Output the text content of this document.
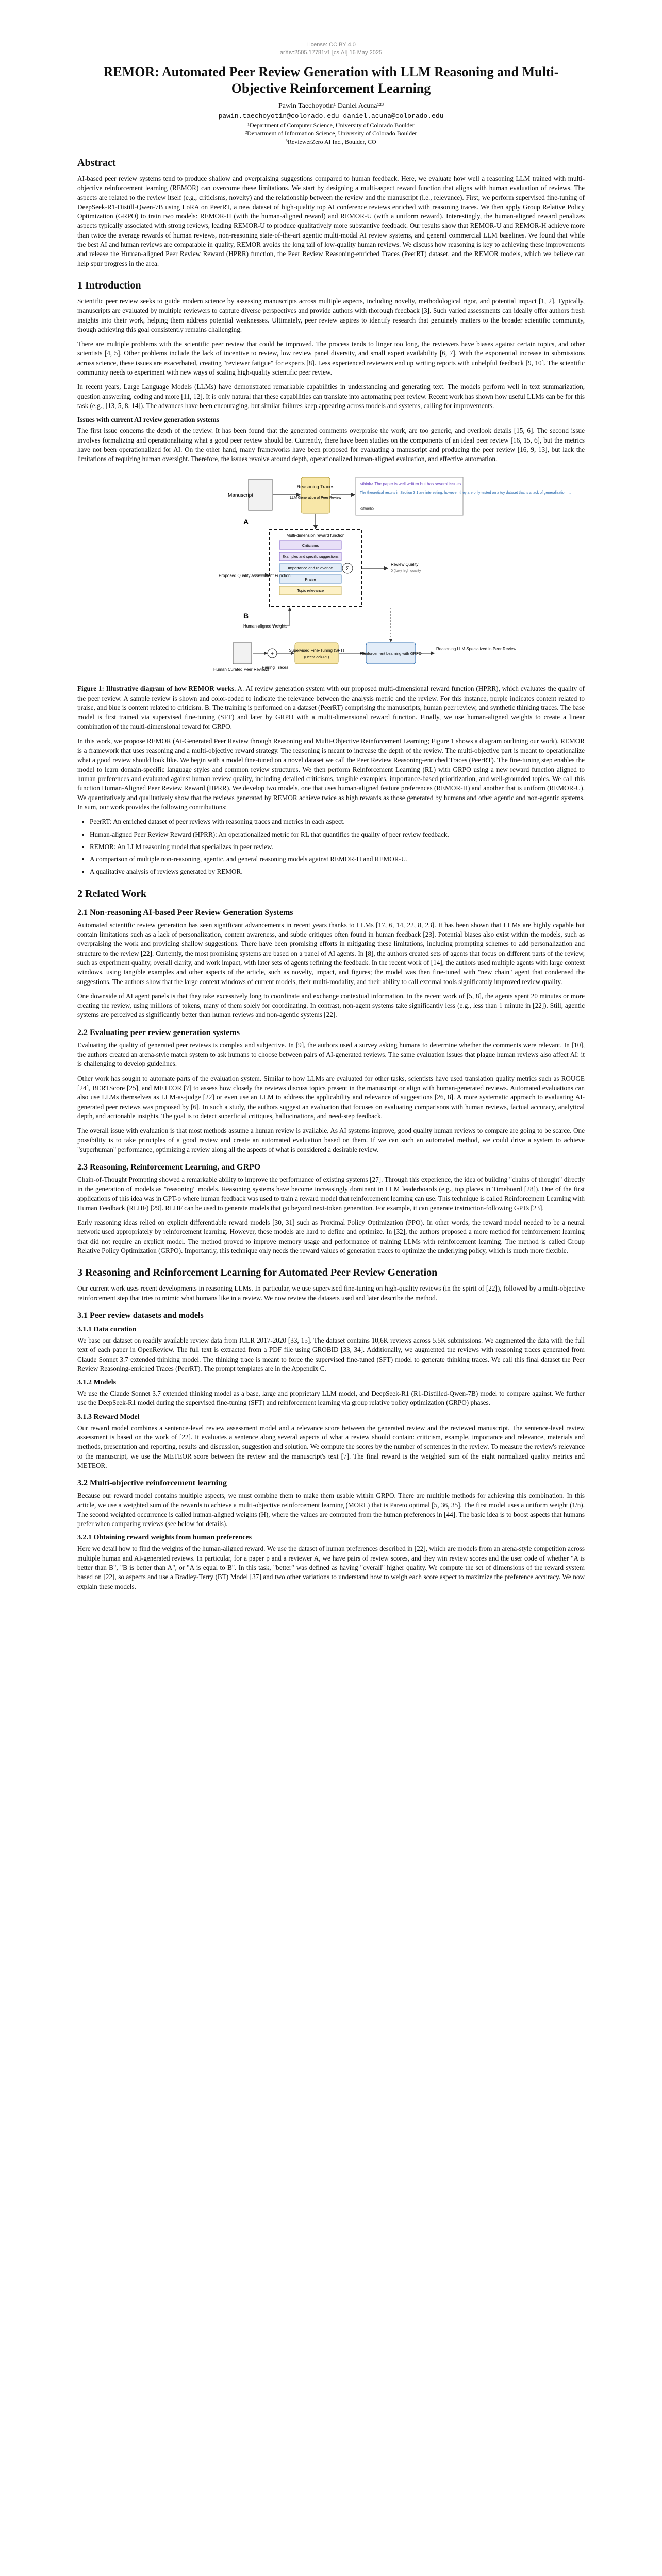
License: CC BY 4.0
arXiv:2505.17781v1 [cs.AI] 16 May 2025
REMOR: Automated Peer Review Generation with LLM Reasoning and Multi-Objective Reinforcement Learning
Pawin Taechoyotin¹ Daniel Acuna¹²³
pawin.taechoyotin@colorado.edu daniel.acuna@colorado.edu
¹Department of Computer Science, University of Colorado Boulder
²Department of Information Science, University of Colorado Boulder
³ReviewerZero AI Inc., Boulder, CO
Abstract

AI-based peer review systems tend to produce shallow and overpraising suggestions compared to human feedback. Here, we evaluate how well a reasoning LLM trained with multi-objective reinforcement learning (REMOR) can overcome these limitations. We start by designing a multi-aspect reward function that aligns with human evaluation of reviews. The aspects are related to the review itself (e.g., criticisms, novelty) and the relationship between the review and the manuscript (i.e., relevance). First, we perform supervised fine-tuning of DeepSeek-R1-Distill-Qwen-7B using LoRA on PeerRT, a new dataset of high-quality top AI conference reviews enriched with reasoning traces. We then apply Group Relative Policy Optimization (GRPO) to train two models: REMOR-H (with the human-aligned reward) and REMOR-U (with a uniform reward). Interestingly, the human-aligned reward penalizes aspects typically associated with strong reviews, leading REMOR-U to produce qualitatively more substantive feedback. Our results show that REMOR-U and REMOR-H achieve more than twice the average rewards of human reviews, non-reasoning state-of-the-art agentic multi-modal AI review systems, and general commercial LLM baselines. We found that while the best AI and human reviews are comparable in quality, REMOR avoids the long tail of low-quality human reviews. We discuss how reasoning is key to achieving these improvements and release the Human-aligned Peer Review Reward (HPRR) function, the Peer Review Reasoning-enriched Traces (PeerRT) dataset, and the REMOR models, which we believe can help spur progress in the area.

1 Introduction

Scientific peer review seeks to guide modern science by assessing manuscripts across multiple aspects, including novelty, methodological rigor, and potential impact [1, 2]. Typically, manuscripts are evaluated by multiple reviewers to capture diverse perspectives and provide authors with thorough feedback [3]. Such varied assessments can ideally offer authors fresh insights into their work, helping them address potential weaknesses. Ultimately, peer review aspires to identify research that genuinely matters to the broader scientific community, though achieving this goal consistently remains challenging.

There are multiple problems with the scientific peer review that could be improved. The process tends to linger too long, the reviewers have biases against certain topics, and other scientists [4, 5]. Other problems include the lack of incentive to review, low review panel diversity, and small expert availability [6, 7]. With the exponential increase in submissions across science, these issues are exacerbated, creating "reviewer fatigue" for experts [8]. Less experienced reviewers end up writing reports with unhelpful feedback [9, 10]. The scientific community needs to experiment with new ways of scaling high-quality scientific peer review.

In recent years, Large Language Models (LLMs) have demonstrated remarkable capabilities in understanding and generating text. The models perform well in text summarization, question answering, coding and more [11, 12]. It is only natural that these capabilities can translate into automating peer review. Recent work has shown how useful LLMs can be for this task (e.g., [13, 5, 8, 14]). The advances have been encouraging, but similar failures keep appearing across models and systems, calling for improvements.

Issues with current AI review generation systems

The first issue concerns the depth of the review. It has been found that the generated comments overpraise the work, are too generic, and overlook details [15, 6]. The second issue involves formalizing and operationalizing what a good peer review should be. Currently, there have been studies on the components of an ideal peer review [16, 15, 6], but the metrics have not been operationalized for AI. On the other hand, many frameworks have been proposed for evaluating a manuscript and producing the peer review [16, 9, 13], but lack the limitations of requiring human oversight. Therefore, the issues revolve around depth, operationalized human-aligned evaluation, and effective automation.

Manuscript
Reasoning Traces
LLM Generation of Peer Review
<think> The paper is well written but has several issues …
The theoretical results in Section 3.1 are interesting; however, they are only tested on a toy dataset that is a lack of generalization …
</think>
A
Multi-dimension reward function
Criticisms
Examples and specific suggestions
Importance and relevance
Praise
Topic relevance
Σ
Review Quality
0 (low) high quality
Proposed Quality Assessment Function
B
Human-aligned Weights
Human Curated Peer Reviews
+
Pairing Traces
Supervised Fine-Tuning (SFT)
(DeepSeek-R1)
Reinforcement Learning with GRPO
Reasoning LLM Specialized in Peer Review
Figure 1: Illustrative diagram of how REMOR works. A. AI review generation system with our proposed multi-dimensional reward function (HPRR), which evaluates the quality of the peer review. A sample review is shown and color-coded to indicate the relevance between the analysis metric and the review. For this instance, purple indicates content related to praise, and blue is content related to criticism. B. The training is performed on a dataset (PeerRT) comprising the manuscripts, human peer review, and synthetic thinking traces. The base model is first trained via supervised fine-tuning (SFT) and later by GRPO with a multi-dimensional reward function. Finally, we use human-aligned weights to create a linear combination of the multi-dimensional reward for GRPO.

In this work, we propose REMOR (Ai-Generated Peer Review through Reasoning and Multi-Objective Reinforcement Learning; Figure 1 shows a diagram outlining our work). REMOR is a framework that uses reasoning and a multi-objective reward strategy. The reasoning is meant to increase the depth of the review. The multi-objective part is meant to operationalize what a good review should look like. We begin with a model fine-tuned on a novel dataset we call the Peer Review Reasoning-enriched Traces (PeerRT). The fine-tuning step enables the model to learn domain-specific language styles and common review structures. We then perform Reinforcement Learning (RL) with GRPO using a new reward function aligned to human preferences and evaluated against human review quality, including detailed criticisms, tangible examples, importance-based prioritization, and well-grounded topics. We call this function Human-Aligned Peer Review Reward (HPRR). We develop two models, one that uses human-aligned feature preferences (REMOR-H) and another that is uniform (REMOR-U). We quantitatively and qualitatively show that the reviews generated by REMOR achieve twice as high rewards as those generated by humans and other agentic and non-agentic systems. In sum, our work provides the following contributions:

• PeerRT: An enriched dataset of peer reviews with reasoning traces and metrics in each aspect.
• Human-aligned Peer Review Reward (HPRR): An operationalized metric for RL that quantifies the quality of peer review feedback.
• REMOR: An LLM reasoning model that specializes in peer review.
• A comparison of multiple non-reasoning, agentic, and general reasoning models against REMOR-H and REMOR-U.
• A qualitative analysis of reviews generated by REMOR.
2 Related Work
2.1 Non-reasoning AI-based Peer Review Generation Systems

Automated scientific review generation has seen significant advancements in recent years thanks to LLMs [17, 6, 14, 22, 8, 23]. It has been shown that LLMs are highly capable but contain limitations such as a lack of personalization, content awareness, and subtle critiques often found in human feedback [23]. Potential biases also exist within the models, such as overpraising the work and providing shallow suggestions. There have been promising efforts in mitigating these limitations, including prompting schemes to add personalization and structure to the review [22]. Currently, the most promising systems are based on a panel of AI agents. In [8], the authors created sets of agents that focus on different parts of the review, such as experiment quality, overall clarity, and work impact, with later sets of agents refining the feedback. In the recent work of [14], the authors used multiple agents with large context windows, using tangible examples and other aspects of the article, such as novelty, impact, and figures; the model was then fine-tuned with "new chain" agent that condensed the suggestions. The authors show that the large context windows of current models, their multi-modality, and their ability to call external tools significantly improved review quality.

One downside of AI agent panels is that they take excessively long to coordinate and exchange contextual information. In the recent work of [5, 8], the agents spent 20 minutes or more creating the review, using millions of tokens, many of them solely for coordinating. In contrast, non-agent systems take significantly less (e.g., less than 1 minute in [22]). Still, agentic systems are perceived as significantly better than human reviews and non-agentic systems [22].

2.2 Evaluating peer review generation systems

Evaluating the quality of generated peer reviews is complex and subjective. In [9], the authors used a survey asking humans to determine whether the comments were relevant. In [10], the authors created an arena-style match system to ask humans to choose between pairs of AI-generated reviews. The same evaluation issues that plague human reviews also affect AI: it is challenging to develop guidelines.

Other work has sought to automate parts of the evaluation system. Similar to how LLMs are evaluated for other tasks, scientists have used translation quality metrics such as ROUGE [24], BERTScore [25], and METEOR [7] to assess how closely the reviews discuss topics present in the manuscript or align with human-generated reviews. Automated evaluations can also use LLMs themselves as LLM-as-judge [22] or even use an LLM to address the applicability and relevance of suggestions [26, 8]. A more systematic approach to evaluating AI-generated peer reviews was proposed by [6]. In such a study, the authors suggest an evaluation that focuses on evaluating comparisons with human reviews, factual accuracy, analytical depth, and actionable insights. The goal is to detect superficial critiques, hallucinations, and need-step feedback.

The overall issue with evaluation is that most methods assume a human review is available. As AI systems improve, good quality human reviews to compare are going to be scarce. One possibility is to take principles of a good review and create an automated evaluation based on them. If we can such an automated method, we could drive a system to achieve "superhuman" performance, optimizing a review along all the aspects of what is considered a desirable review.

2.3 Reasoning, Reinforcement Learning, and GRPO

Chain-of-Thought Prompting showed a remarkable ability to improve the performance of existing systems [27]. Through this experience, the idea of building "chains of thought" directly in the generation of models as "reasoning" models. Reasoning systems have become increasingly dominant in LLM leaderboards (e.g., top places in Timeboard [28]). One of the first applications of this idea was in GPT-o where human feedback was used to train a reward model that reinforcement learning can use. This technique is called Reinforcement Learning with Human Feedback (RLHF) [29]. RLHF can be used to generate models that go beyond next-token generation. For example, it can generate instruction-following GPTs [23].

Early reasoning ideas relied on explicit differentiable reward models [30, 31] such as Proximal Policy Optimization (PPO). In other words, the reward model needed to be a neural network used appropriately by reinforcement learning. However, these models are hard to define and optimize. In [32], the authors proposed a more method for reinforcement learning that did not require an explicit model. The method proved to improve memory usage and performance of training LLMs with reinforcement learning. The method is called Group Relative Policy Optimization (GRPO). Importantly, this technique only needs the reward values of generation traces to optimize the underlying policy, which is much more flexible.

3 Reasoning and Reinforcement Learning for Automated Peer Review Generation

Our current work uses recent developments in reasoning LLMs. In particular, we use supervised fine-tuning on high-quality reviews (in the spirit of [22]), followed by a multi-objective reinforcement step that tries to mimic what humans like in a review. We now review the datasets used and later describe the method.

3.1 Peer review datasets and models
3.1.1 Data curation

We base our dataset on readily available review data from ICLR 2017-2020 [33, 15]. The dataset contains 10,6K reviews across 5.5K submissions. We augmented the data with the full text of each paper in OpenReview. The full text is extracted from a PDF file using GROBID [33, 34]. Additionally, we augmented the reviews with reasoning traces generated from Claude Sonnet 3.7 extended thinking model. The thinking trace is meant to force the supervised fine-tuned (SFT) model to generate thinking traces. We call this final dataset the Peer Review Reasoning-enriched Traces (PeerRT). The prompt templates are in the Appendix C.

3.1.2 Models

We use the Claude Sonnet 3.7 extended thinking model as a base, large and proprietary LLM model, and DeepSeek-R1 (R1-Distilled-Qwen-7B) model to compare against. We further use the DeepSeek-R1 model during the supervised fine-tuning (SFT) and reinforcement learning via group relative policy optimization (GRPO) phases.

3.1.3 Reward Model

Our reward model combines a sentence-level review assessment model and a relevance score between the generated review and the reviewed manuscript. The sentence-level review assessment is based on the work of [22]. It evaluates a sentence along several aspects of what a review should contain: criticism, example, importance and relevance, materials and methods, presentation and reporting, results and discussion, suggestion and solution. We compute the scores by the number of sentences in the review. To measure the review's relevance to the manuscript, we use the METEOR score between the review and the manuscript's text [7]. The final reward is the weighted sum of the eight normalized quality metrics and METEOR.

3.2 Multi-objective reinforcement learning

Because our reward model contains multiple aspects, we must combine them to make them usable within GRPO. There are multiple methods for achieving this combination. In this article, we use a weighted sum of the rewards to achieve a multi-objective reinforcement learning (MORL) that is Pareto optimal [5, 36, 35]. The first model uses a uniform weight (1/n). The second weighted occurrence is called human-aligned weights (H), where the values are computed from the human preferences in [44]. The basic idea is to boost aspects that humans prefer when comparing reviews (see below for details).

3.2.1 Obtaining reward weights from human preferences

Here we detail how to find the weights of the human-aligned reward. We use the dataset of human preferences described in [22], which are models from an arena-style competition across multiple human and AI-generated reviews. In particular, for a paper p and a reviewer A, we have pairs of review scores, and they win review scores and the user code of whether "A is better than B", "B is better than A", or "A is equal to B". In this task, "better" was defined as having "overall" higher quality. We compute the set of dimensions of the reward system based on [22], so aspects and use a Bradley-Terry (BT) Model [37] and two other variations to understand how to weigh each score aspect to maximize the preference accuracy. We now explain these models.
